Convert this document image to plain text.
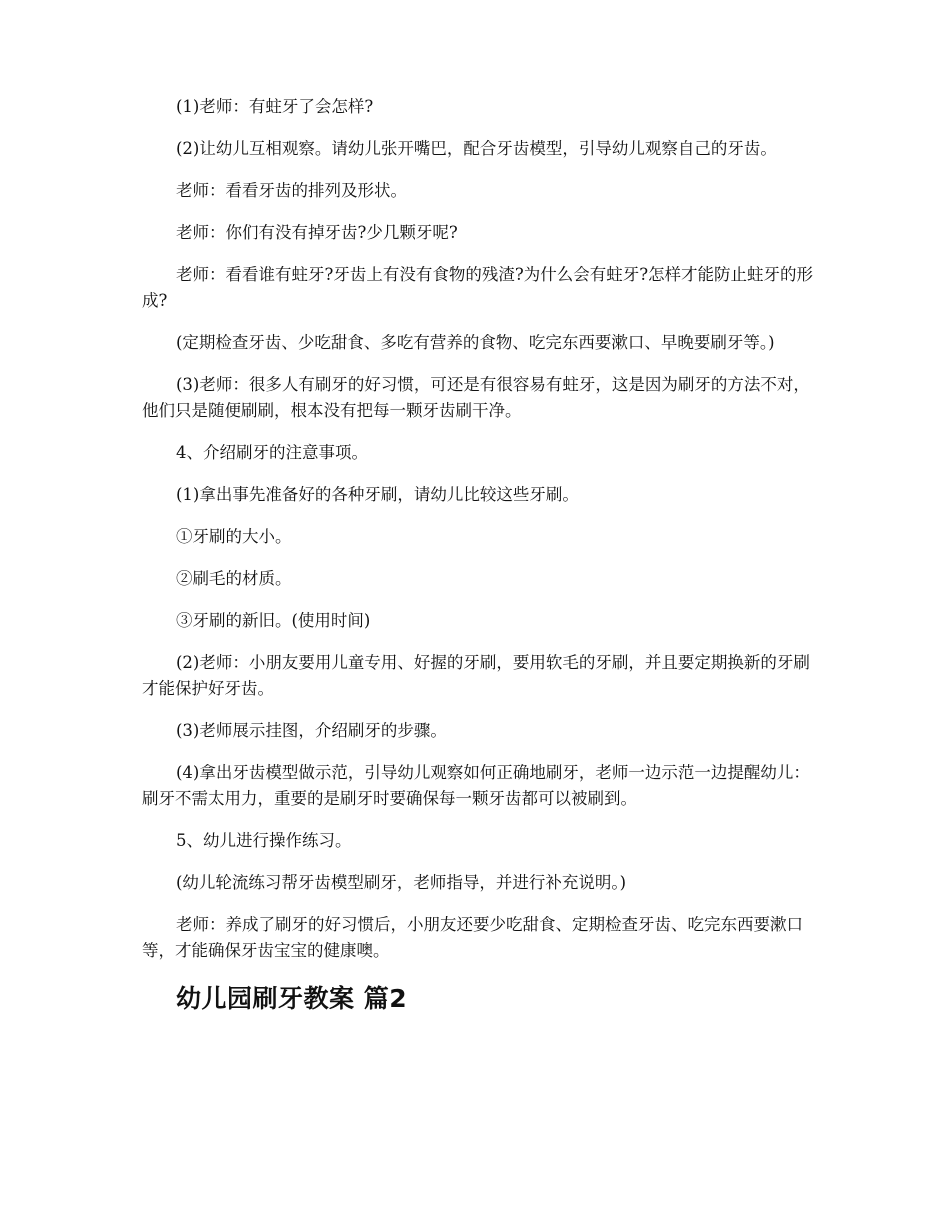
(1)老师：有蛀牙了会怎样?

(2)让幼儿互相观察。请幼儿张开嘴巴，配合牙齿模型，引导幼儿观察自己的牙齿。

老师：看看牙齿的排列及形状。

老师：你们有没有掉牙齿?少几颗牙呢?

老师：看看谁有蛀牙?牙齿上有没有食物的残渣?为什么会有蛀牙?怎样才能防止蛀牙的形成?

(定期检查牙齿、少吃甜食、多吃有营养的食物、吃完东西要漱口、早晚要刷牙等。)

(3)老师：很多人有刷牙的好习惯，可还是有很容易有蛀牙，这是因为刷牙的方法不对，他们只是随便刷刷，根本没有把每一颗牙齿刷干净。

4、介绍刷牙的注意事项。

(1)拿出事先准备好的各种牙刷，请幼儿比较这些牙刷。

①牙刷的大小。

②刷毛的材质。

③牙刷的新旧。(使用时间)

(2)老师：小朋友要用儿童专用、好握的牙刷，要用软毛的牙刷，并且要定期换新的牙刷才能保护好牙齿。

(3)老师展示挂图，介绍刷牙的步骤。

(4)拿出牙齿模型做示范，引导幼儿观察如何正确地刷牙，老师一边示范一边提醒幼儿：刷牙不需太用力，重要的是刷牙时要确保每一颗牙齿都可以被刷到。

5、幼儿进行操作练习。

(幼儿轮流练习帮牙齿模型刷牙，老师指导，并进行补充说明。)

老师：养成了刷牙的好习惯后，小朋友还要少吃甜食、定期检查牙齿、吃完东西要漱口等，才能确保牙齿宝宝的健康噢。

幼儿园刷牙教案 篇2
